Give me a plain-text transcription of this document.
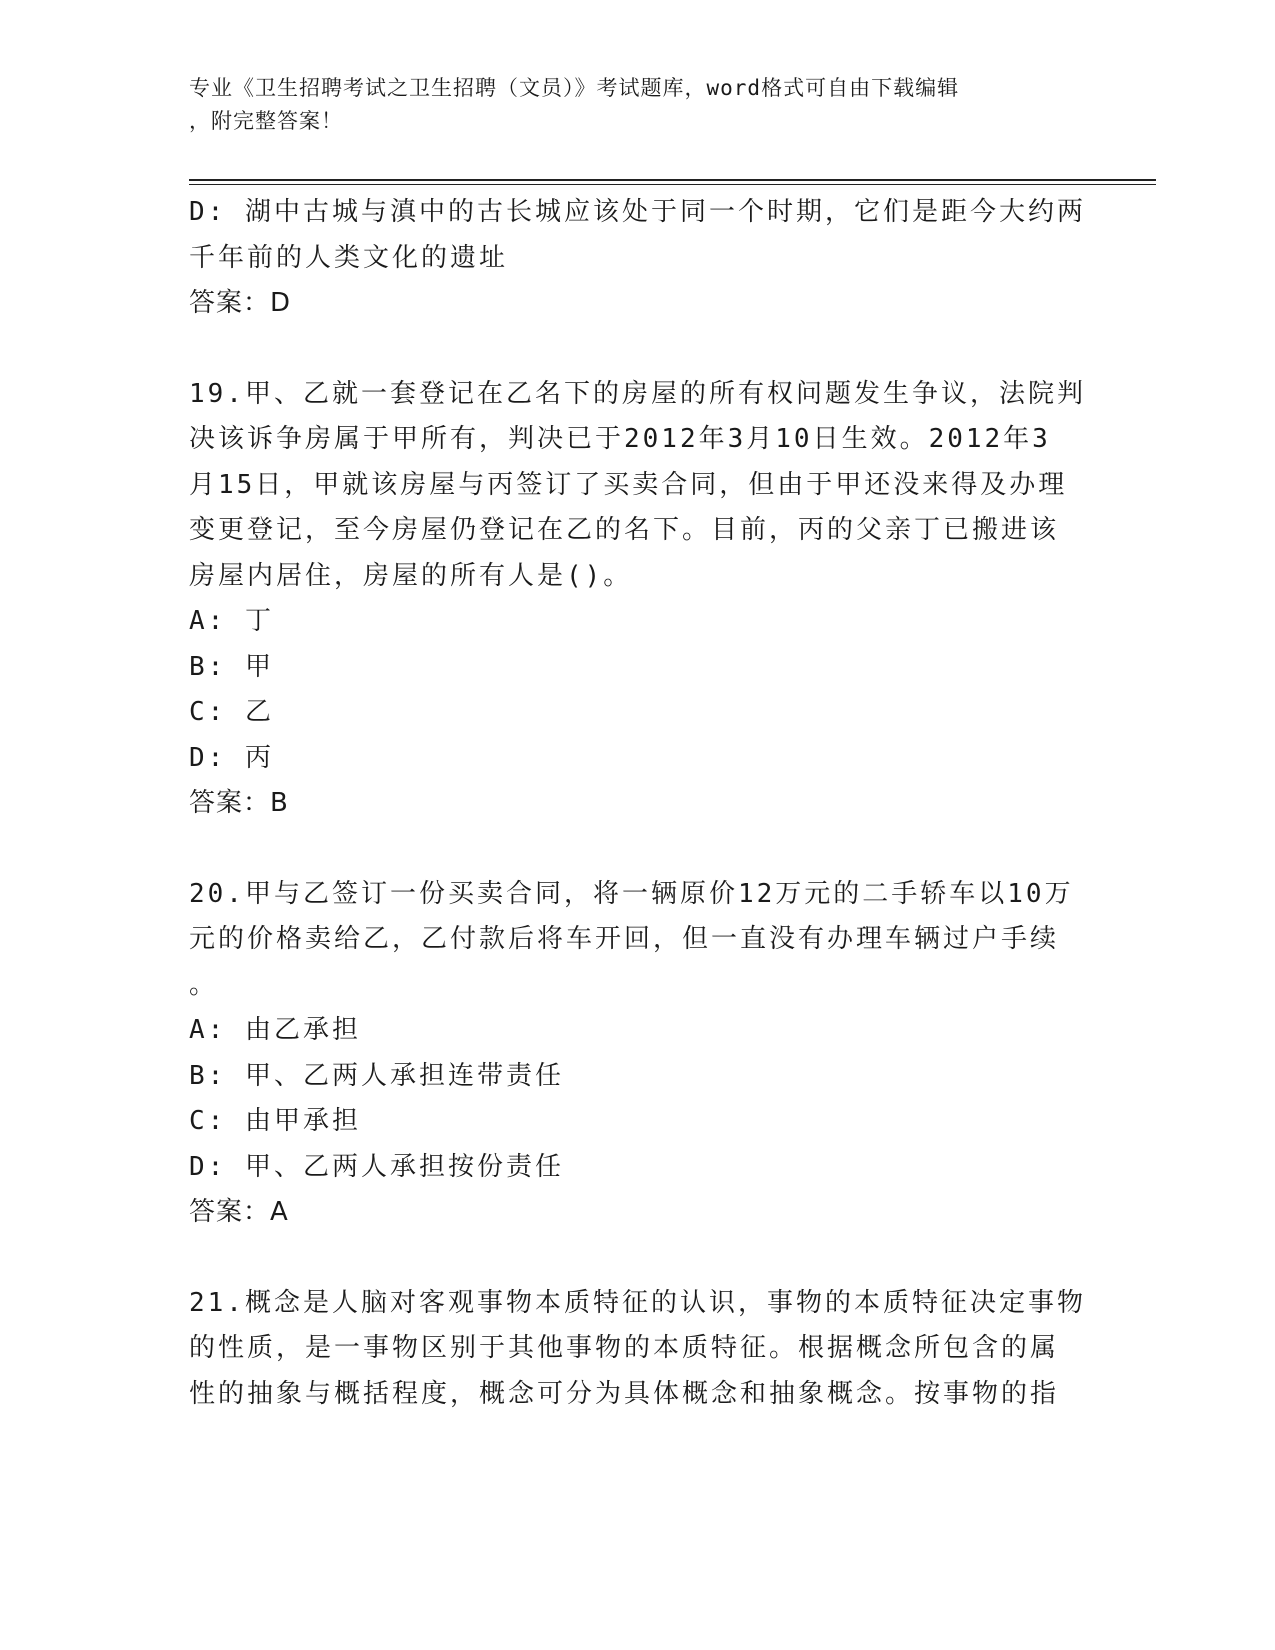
专业《卫生招聘考试之卫生招聘（文员）》考试题库，word格式可自由下载编辑
，附完整答案！
D: 湖中古城与滇中的古长城应该处于同一个时期，它们是距今大约两
千年前的人类文化的遗址
答案：D
19.甲、乙就一套登记在乙名下的房屋的所有权问题发生争议，法院判
决该诉争房属于甲所有，判决已于2012年3月10日生效。2012年3
月15日，甲就该房屋与丙签订了买卖合同，但由于甲还没来得及办理
变更登记，至今房屋仍登记在乙的名下。目前，丙的父亲丁已搬进该
房屋内居住，房屋的所有人是()。
A: 丁
B: 甲
C: 乙
D: 丙
答案：B
20.甲与乙签订一份买卖合同，将一辆原价12万元的二手轿车以10万
元的价格卖给乙，乙付款后将车开回，但一直没有办理车辆过户手续
。
A: 由乙承担
B: 甲、乙两人承担连带责任
C: 由甲承担
D: 甲、乙两人承担按份责任
答案：A
21.概念是人脑对客观事物本质特征的认识，事物的本质特征决定事物
的性质，是一事物区别于其他事物的本质特征。根据概念所包含的属
性的抽象与概括程度，概念可分为具体概念和抽象概念。按事物的指
